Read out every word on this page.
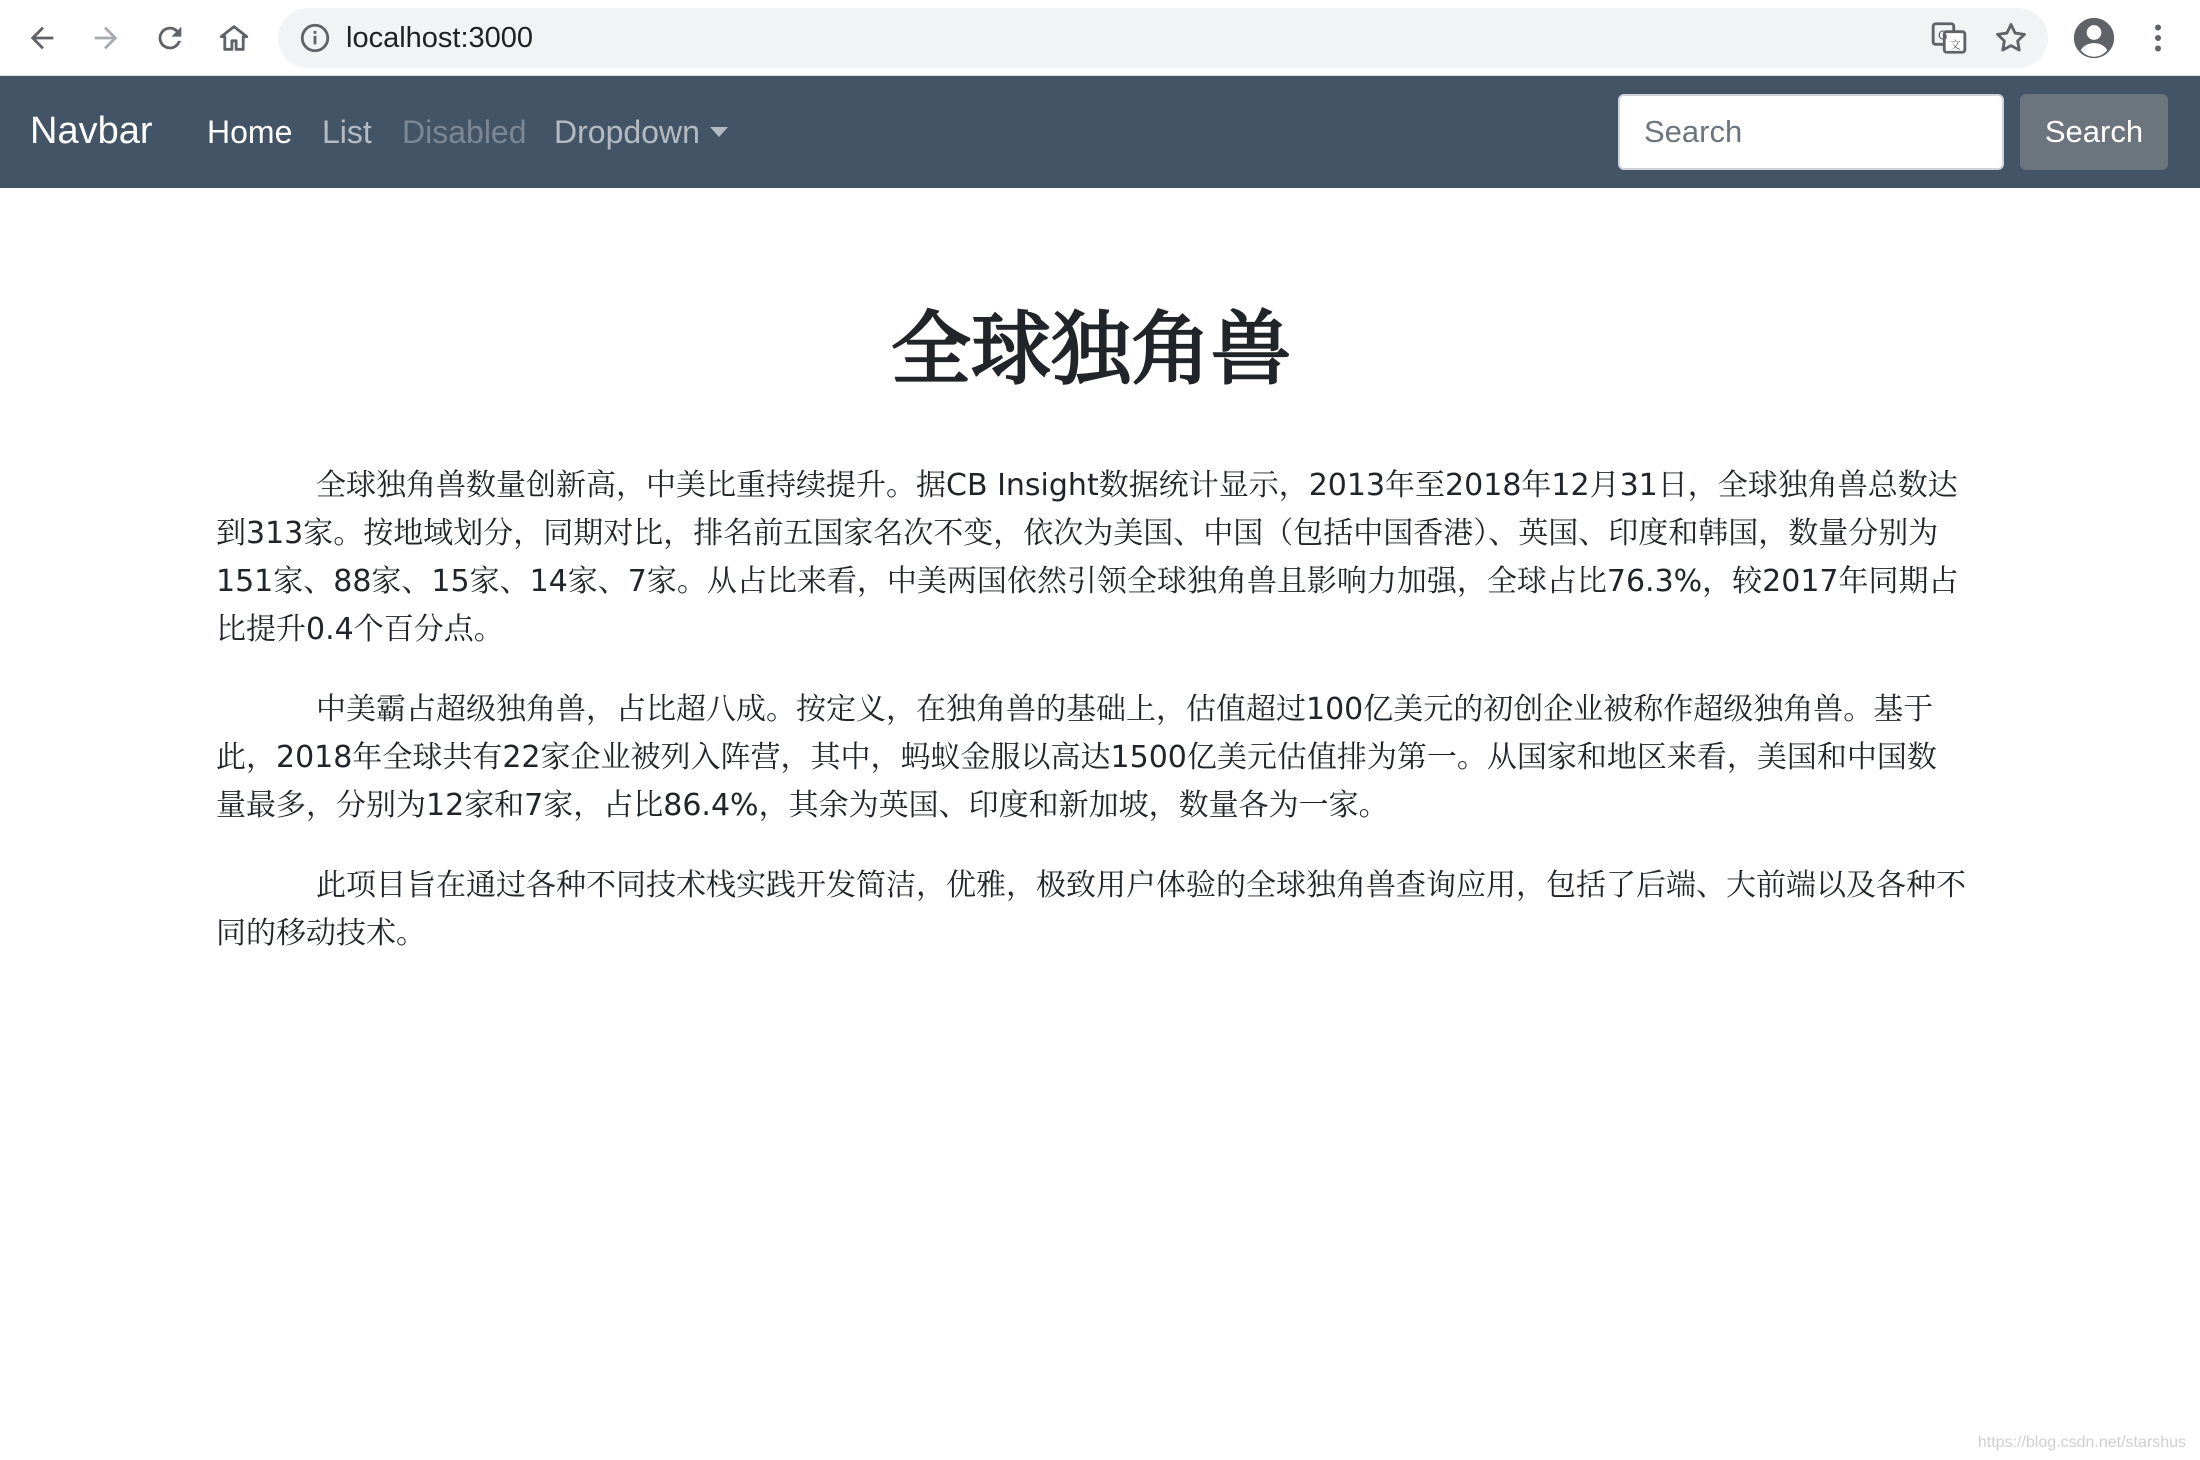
localhost:3000	G
文
Navbar Home List Disabled Dropdown
Search	Search
全球独角兽

全球独角兽数量创新高，中美比重持续提升。据CB Insight数据统计显示，2013年至2018年12月31日，全球独角兽总数达到313家。按地域划分，同期对比，排名前五国家名次不变，依次为美国、中国（包括中国香港）、英国、印度和韩国，数量分别为151家、88家、15家、14家、7家。从占比来看，中美两国依然引领全球独角兽且影响力加强，全球占比76.3%，较2017年同期占比提升0.4个百分点。

中美霸占超级独角兽，占比超八成。按定义，在独角兽的基础上，估值超过100亿美元的初创企业被称作超级独角兽。基于此，2018年全球共有22家企业被列入阵营，其中，蚂蚁金服以高达1500亿美元估值排为第一。从国家和地区来看，美国和中国数量最多，分别为12家和7家，占比86.4%，其余为英国、印度和新加坡，数量各为一家。

此项目旨在通过各种不同技术栈实践开发简洁，优雅，极致用户体验的全球独角兽查询应用，包括了后端、大前端以及各种不同的移动技术。

https://blog.csdn.net/starshus
